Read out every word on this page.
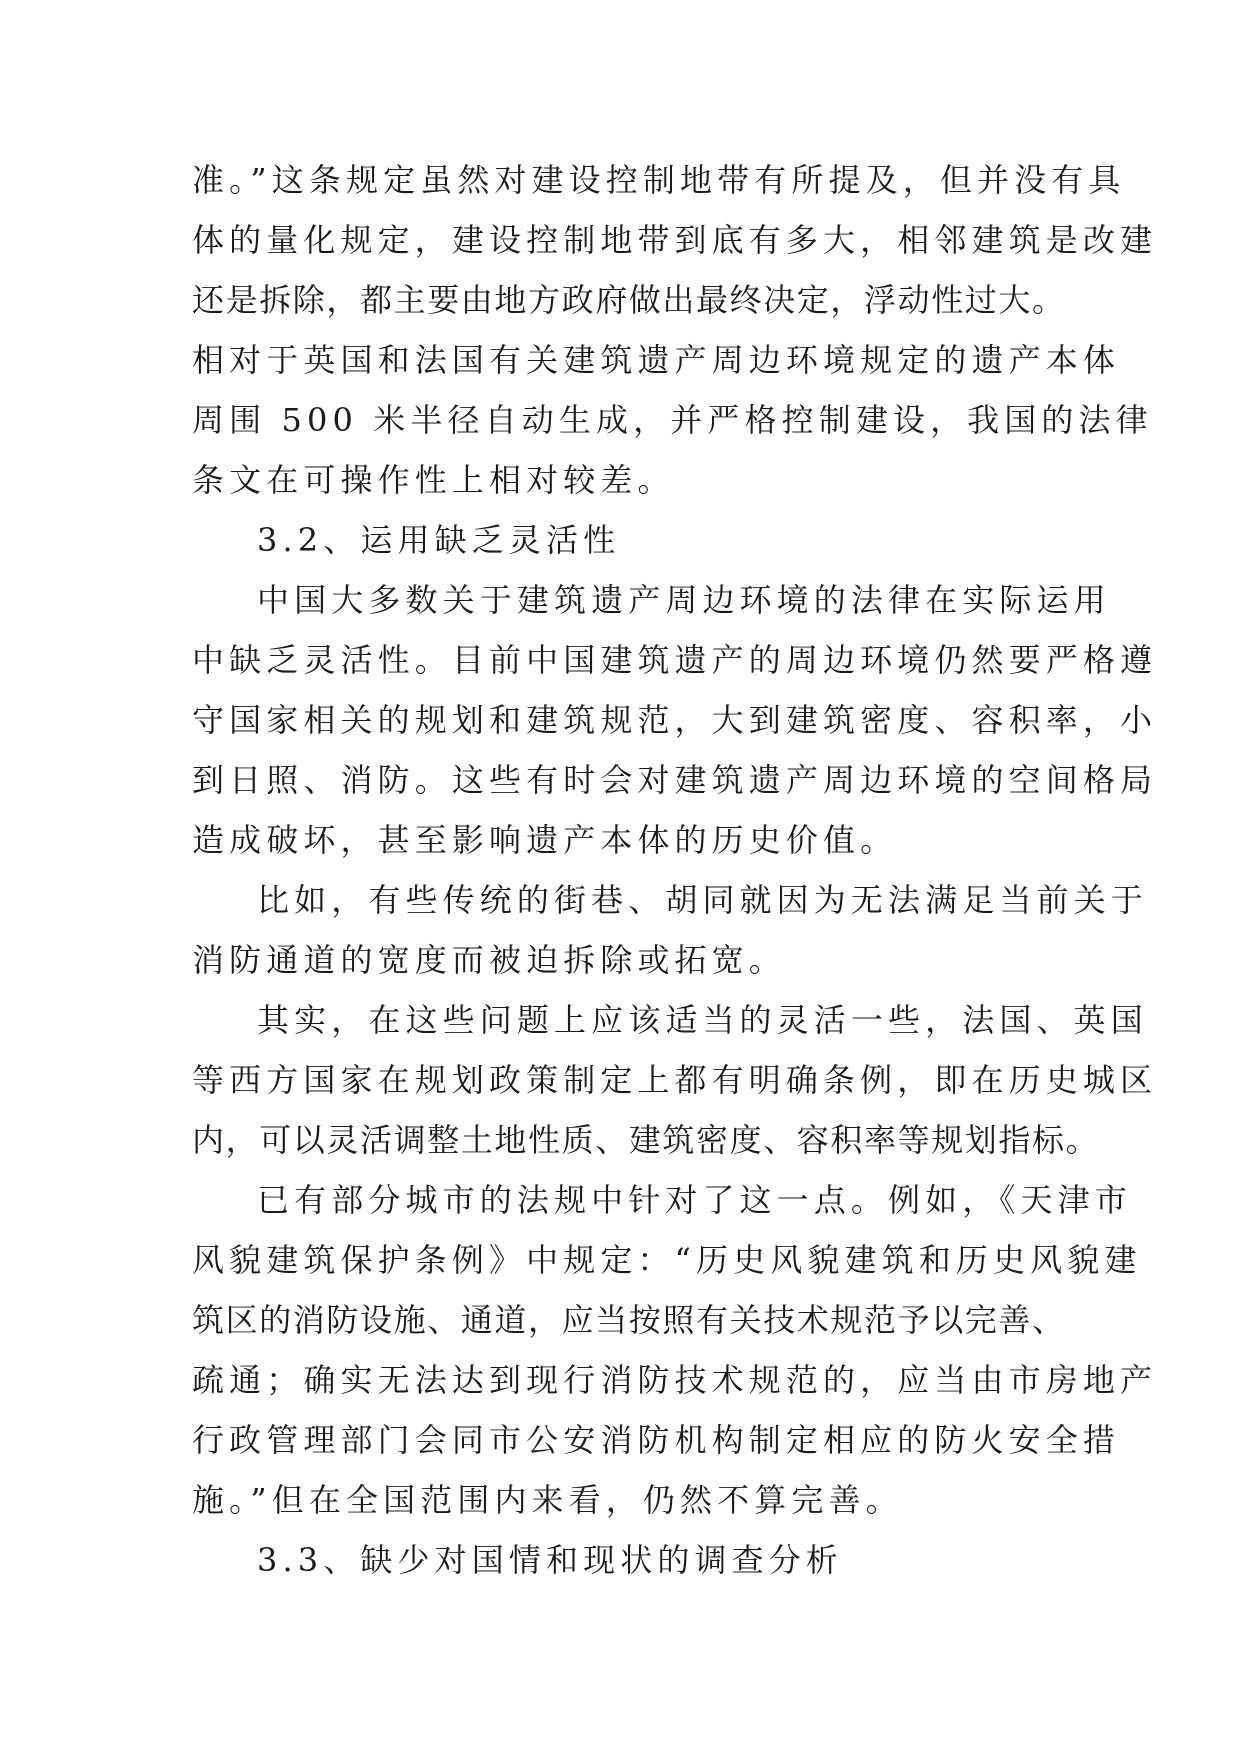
准。”这条规定虽然对建设控制地带有所提及，但并没有具
体的量化规定，建设控制地带到底有多大，相邻建筑是改建
还是拆除，都主要由地方政府做出最终决定，浮动性过大。
相对于英国和法国有关建筑遗产周边环境规定的遗产本体
周围 500 米半径自动生成，并严格控制建设，我国的法律
条文在可操作性上相对较差。
3.2、运用缺乏灵活性
中国大多数关于建筑遗产周边环境的法律在实际运用
中缺乏灵活性。目前中国建筑遗产的周边环境仍然要严格遵
守国家相关的规划和建筑规范，大到建筑密度、容积率，小
到日照、消防。这些有时会对建筑遗产周边环境的空间格局
造成破坏，甚至影响遗产本体的历史价值。
比如，有些传统的街巷、胡同就因为无法满足当前关于
消防通道的宽度而被迫拆除或拓宽。
其实，在这些问题上应该适当的灵活一些，法国、英国
等西方国家在规划政策制定上都有明确条例，即在历史城区
内，可以灵活调整土地性质、建筑密度、容积率等规划指标。
已有部分城市的法规中针对了这一点。例如，《天津市
风貌建筑保护条例》中规定：“历史风貌建筑和历史风貌建
筑区的消防设施、通道，应当按照有关技术规范予以完善、
疏通；确实无法达到现行消防技术规范的，应当由市房地产
行政管理部门会同市公安消防机构制定相应的防火安全措
施。”但在全国范围内来看，仍然不算完善。
3.3、缺少对国情和现状的调查分析
